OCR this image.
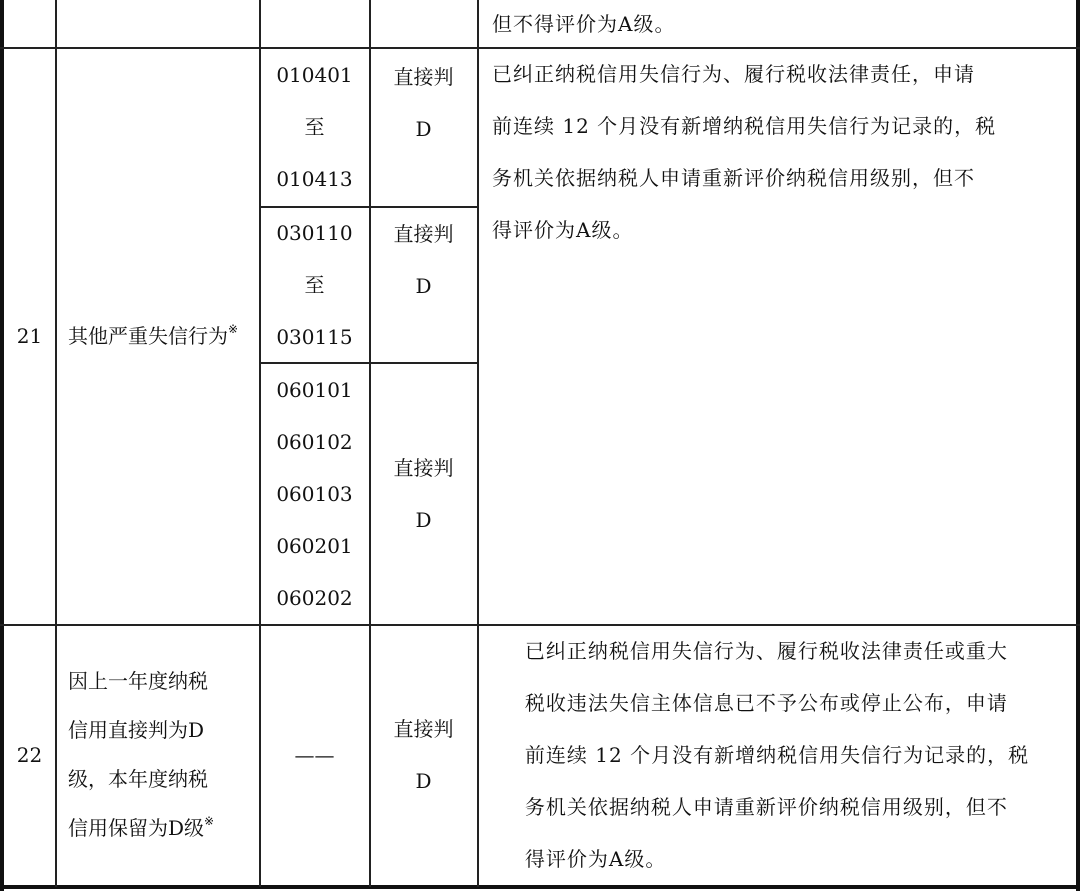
但不得评价为A级。

21 其他严重失信行为※

010401
至
010413
直接判
D
030110
至
030115
直接判
D
060101
060102
060103
060201
060202
直接判
D

已纠正纳税信用失信行为、履行税收法律责任，申请

前连续 12 个月没有新增纳税信用失信行为记录的，税

务机关依据纳税人申请重新评价纳税信用级别，但不

得评价为A级。

22

因上一年度纳税

信用直接判为D

级，本年度纳税

信用保留为D级※

——
直接判
D

已纠正纳税信用失信行为、履行税收法律责任或重大

税收违法失信主体信息已不予公布或停止公布，申请

前连续 12 个月没有新增纳税信用失信行为记录的，税

务机关依据纳税人申请重新评价纳税信用级别，但不

得评价为A级。
